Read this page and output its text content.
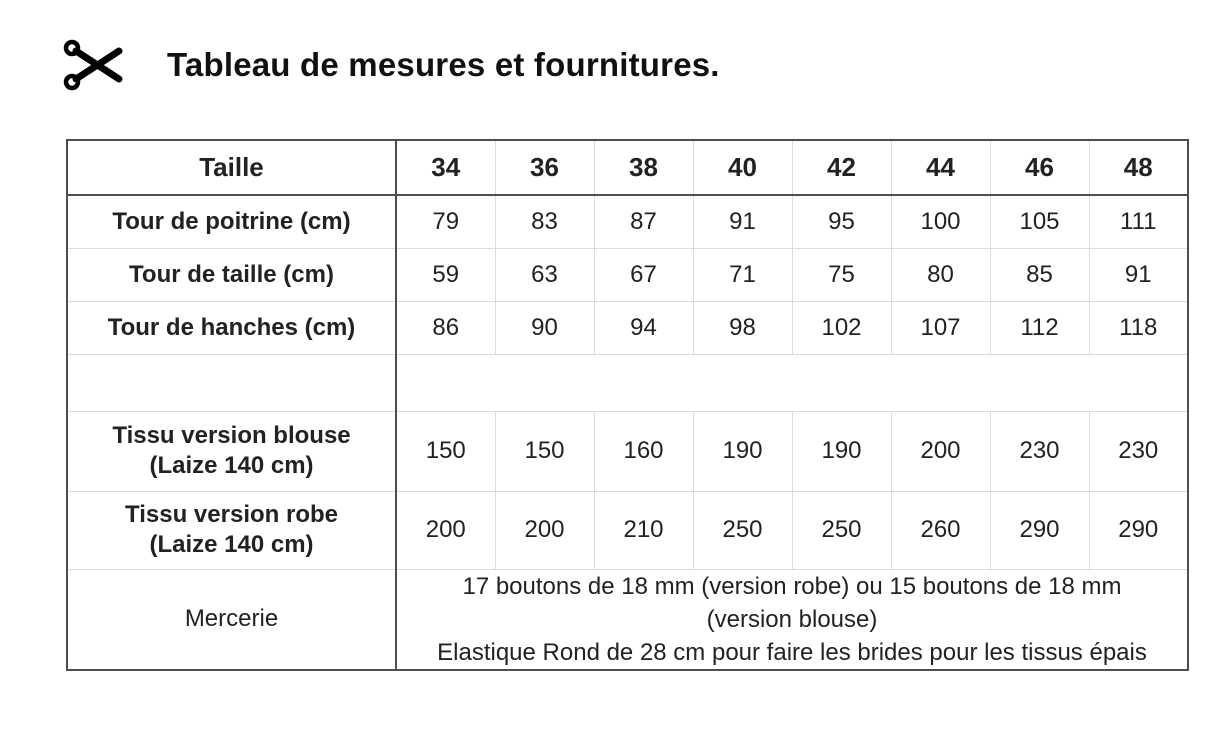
Tableau de mesures et fournitures.
Taille	34	36	38	40	42	44	46	48
Tour de poitrine (cm)	79	83	87	91	95	100	105	111
Tour de taille (cm)	59	63	67	71	75	80	85	91
Tour de hanches (cm)	86	90	94	98	102	107	112	118

Tissu version blouse
(Laize 140 cm)	150	150	160	190	190	200	230	230

Tissu version robe
(Laize 140 cm)	200	200	210	250	250	260	290	290
Mercerie	17 boutons de 18 mm (version robe) ou 15 boutons de 18 mm
(version blouse)
Elastique Rond de 28 cm pour faire les brides pour les tissus épais							
